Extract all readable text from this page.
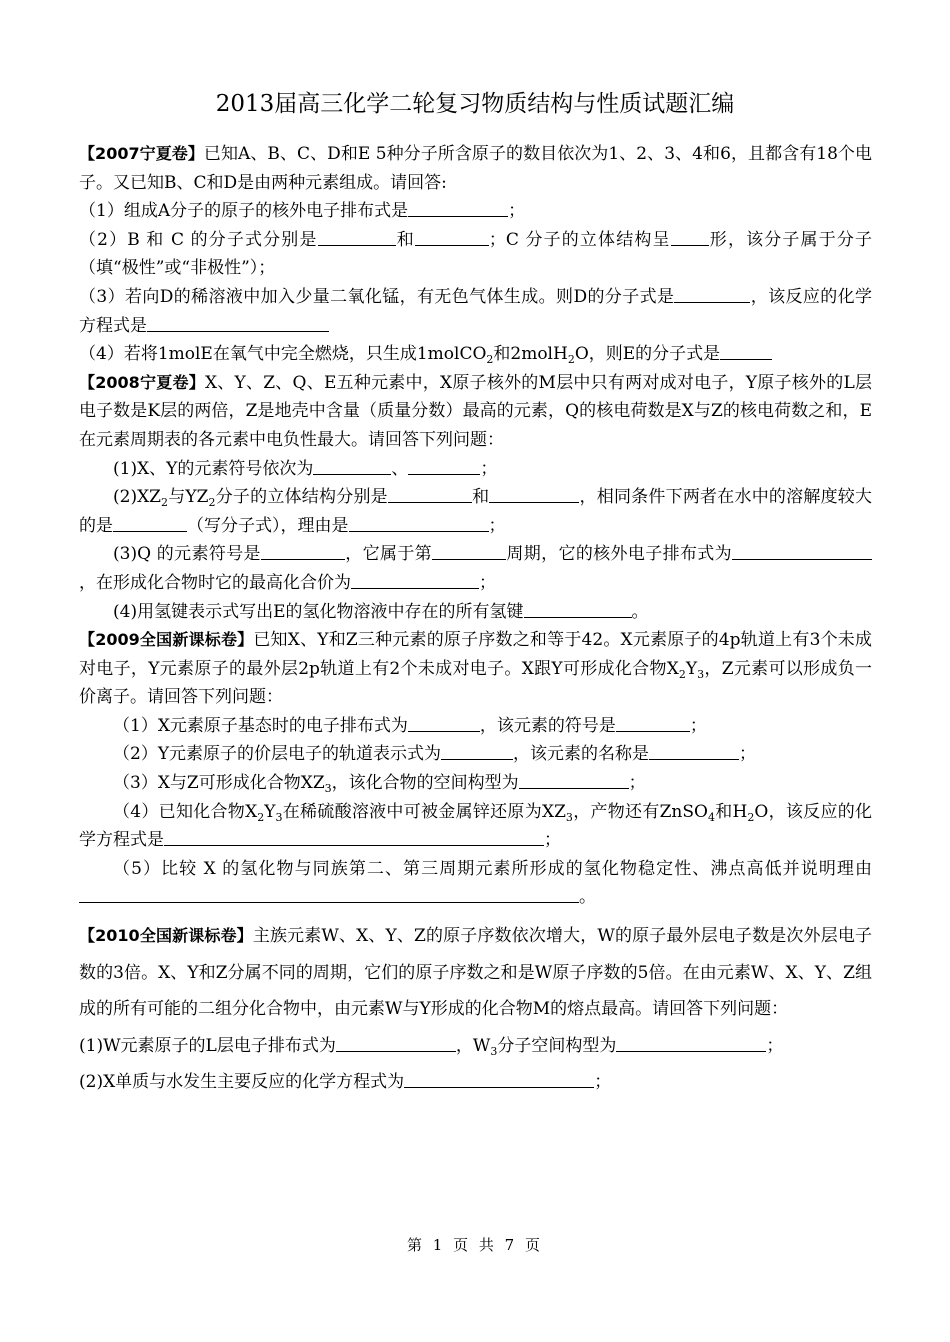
2013届高三化学二轮复习物质结构与性质试题汇编

【2007宁夏卷】已知A、B、C、D和E 5种分子所含原子的数目依次为1、2、3、4和6，且都含有18个电子。又已知B、C和D是由两种元素组成。请回答:

（1）组成A分子的原子的核外电子排布式是	；

（2）B 和 C 的分子式分别是	和	；C 分子的立体结构呈 形，该分子属于分子（填“极性”或“非极性”）；

（3）若向D的稀溶液中加入少量二氧化锰，有无色气体生成。则D的分子式是	，该反应的化学方程式是

（4）若将1molE在氧气中完全燃烧，只生成1molCO$_2$和2molH$_2$O，则E的分子式是

【2008宁夏卷】X、Y、Z、Q、E五种元素中，X原子核外的M层中只有两对成对电子，Y原子核外的L层电子数是K层的两倍，Z是地壳中含量（质量分数）最高的元素，Q的核电荷数是X与Z的核电荷数之和，E在元素周期表的各元素中电负性最大。请回答下列问题：

(1)X、Y的元素符号依次为	、	；

$(2)XZ_2$与$YZ_2$分子的立体结构分别是	和	，相同条件下两者在水中的溶解度较大的是	（写分子式），理由是	；

(3)Q 的元素符号是	，它属于第	周期，它的核外电子排布式为，在形成化合物时它的最高化合价为	；

(4)用氢键表示式写出E的氢化物溶液中存在的所有氢键	。

【2009全国新课标卷】已知X、Y和Z三种元素的原子序数之和等于42。X元素原子的4p轨道上有3个未成对电子，Y元素原子的最外层2p轨道上有2个未成对电子。X跟Y可形成化合物$X_2Y_3$，Z元素可以形成负一价离子。请回答下列问题：

（1）X元素原子基态时的电子排布式为	，该元素的符号是	；

（2）Y元素原子的价层电子的轨道表示式为	，该元素的名称是	；

（3）X与Z可形成化合物$XZ_3$，该化合物的空间构型为	；

（4）已知化合物$X_2Y_3$在稀硫酸溶液中可被金属锌还原为$XZ_3$，产物还有ZnSO$_4$和$H_2O$，该反应的化学方程式是	；

（5）比较 X 的氢化物与同族第二、第三周期元素所形成的氢化物稳定性、沸点高低并说明理由。

【2010全国新课标卷】主族元素W、X、Y、Z的原子序数依次增大，W的原子最外层电子数是次外层电子数的3倍。X、Y和Z分属不同的周期，它们的原子序数之和是W原子序数的5倍。在由元素W、X、Y、Z组成的所有可能的二组分化合物中，由元素W与Y形成的化合物M的熔点最高。请回答下列问题：

(1)W元素原子的L层电子排布式为	，$W_3$分子空间构型为	；

(2)X单质与水发生主要反应的化学方程式为	；

第 1 页 共 7 页
